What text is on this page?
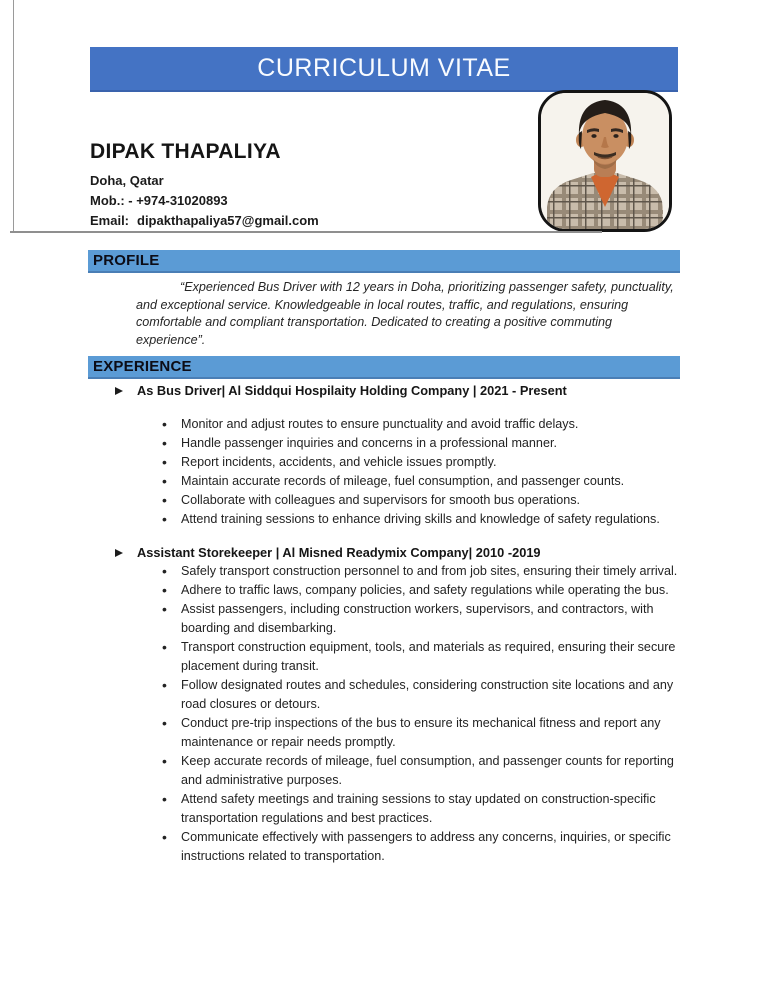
CURRICULUM VITAE
DIPAK THAPALIYA
Doha, Qatar
Mob.: - +974-31020893
Email: dipakthapaliya57@gmail.com
PROFILE

“Experienced Bus Driver with 12 years in Doha, prioritizing passenger safety, punctuality, and exceptional service. Knowledgeable in local routes, traffic, and regulations, ensuring comfortable and compliant transportation. Dedicated to creating a positive commuting experience”.

EXPERIENCE
As Bus Driver| Al Siddqui Hospilaity Holding Company | 2021 - Present
• Monitor and adjust routes to ensure punctuality and avoid traffic delays.
• Handle passenger inquiries and concerns in a professional manner.
• Report incidents, accidents, and vehicle issues promptly.
• Maintain accurate records of mileage, fuel consumption, and passenger counts.
• Collaborate with colleagues and supervisors for smooth bus operations.
• Attend training sessions to enhance driving skills and knowledge of safety regulations.
Assistant Storekeeper | Al Misned Readymix Company| 2010 -2019
• Safely transport construction personnel to and from job sites, ensuring their timely arrival.
• Adhere to traffic laws, company policies, and safety regulations while operating the bus.
• Assist passengers, including construction workers, supervisors, and contractors, with boarding and disembarking.
• Transport construction equipment, tools, and materials as required, ensuring their secure placement during transit.
• Follow designated routes and schedules, considering construction site locations and any road closures or detours.
• Conduct pre-trip inspections of the bus to ensure its mechanical fitness and report any maintenance or repair needs promptly.
• Keep accurate records of mileage, fuel consumption, and passenger counts for reporting and administrative purposes.
• Attend safety meetings and training sessions to stay updated on construction-specific transportation regulations and best practices.
• Communicate effectively with passengers to address any concerns, inquiries, or specific instructions related to transportation.
